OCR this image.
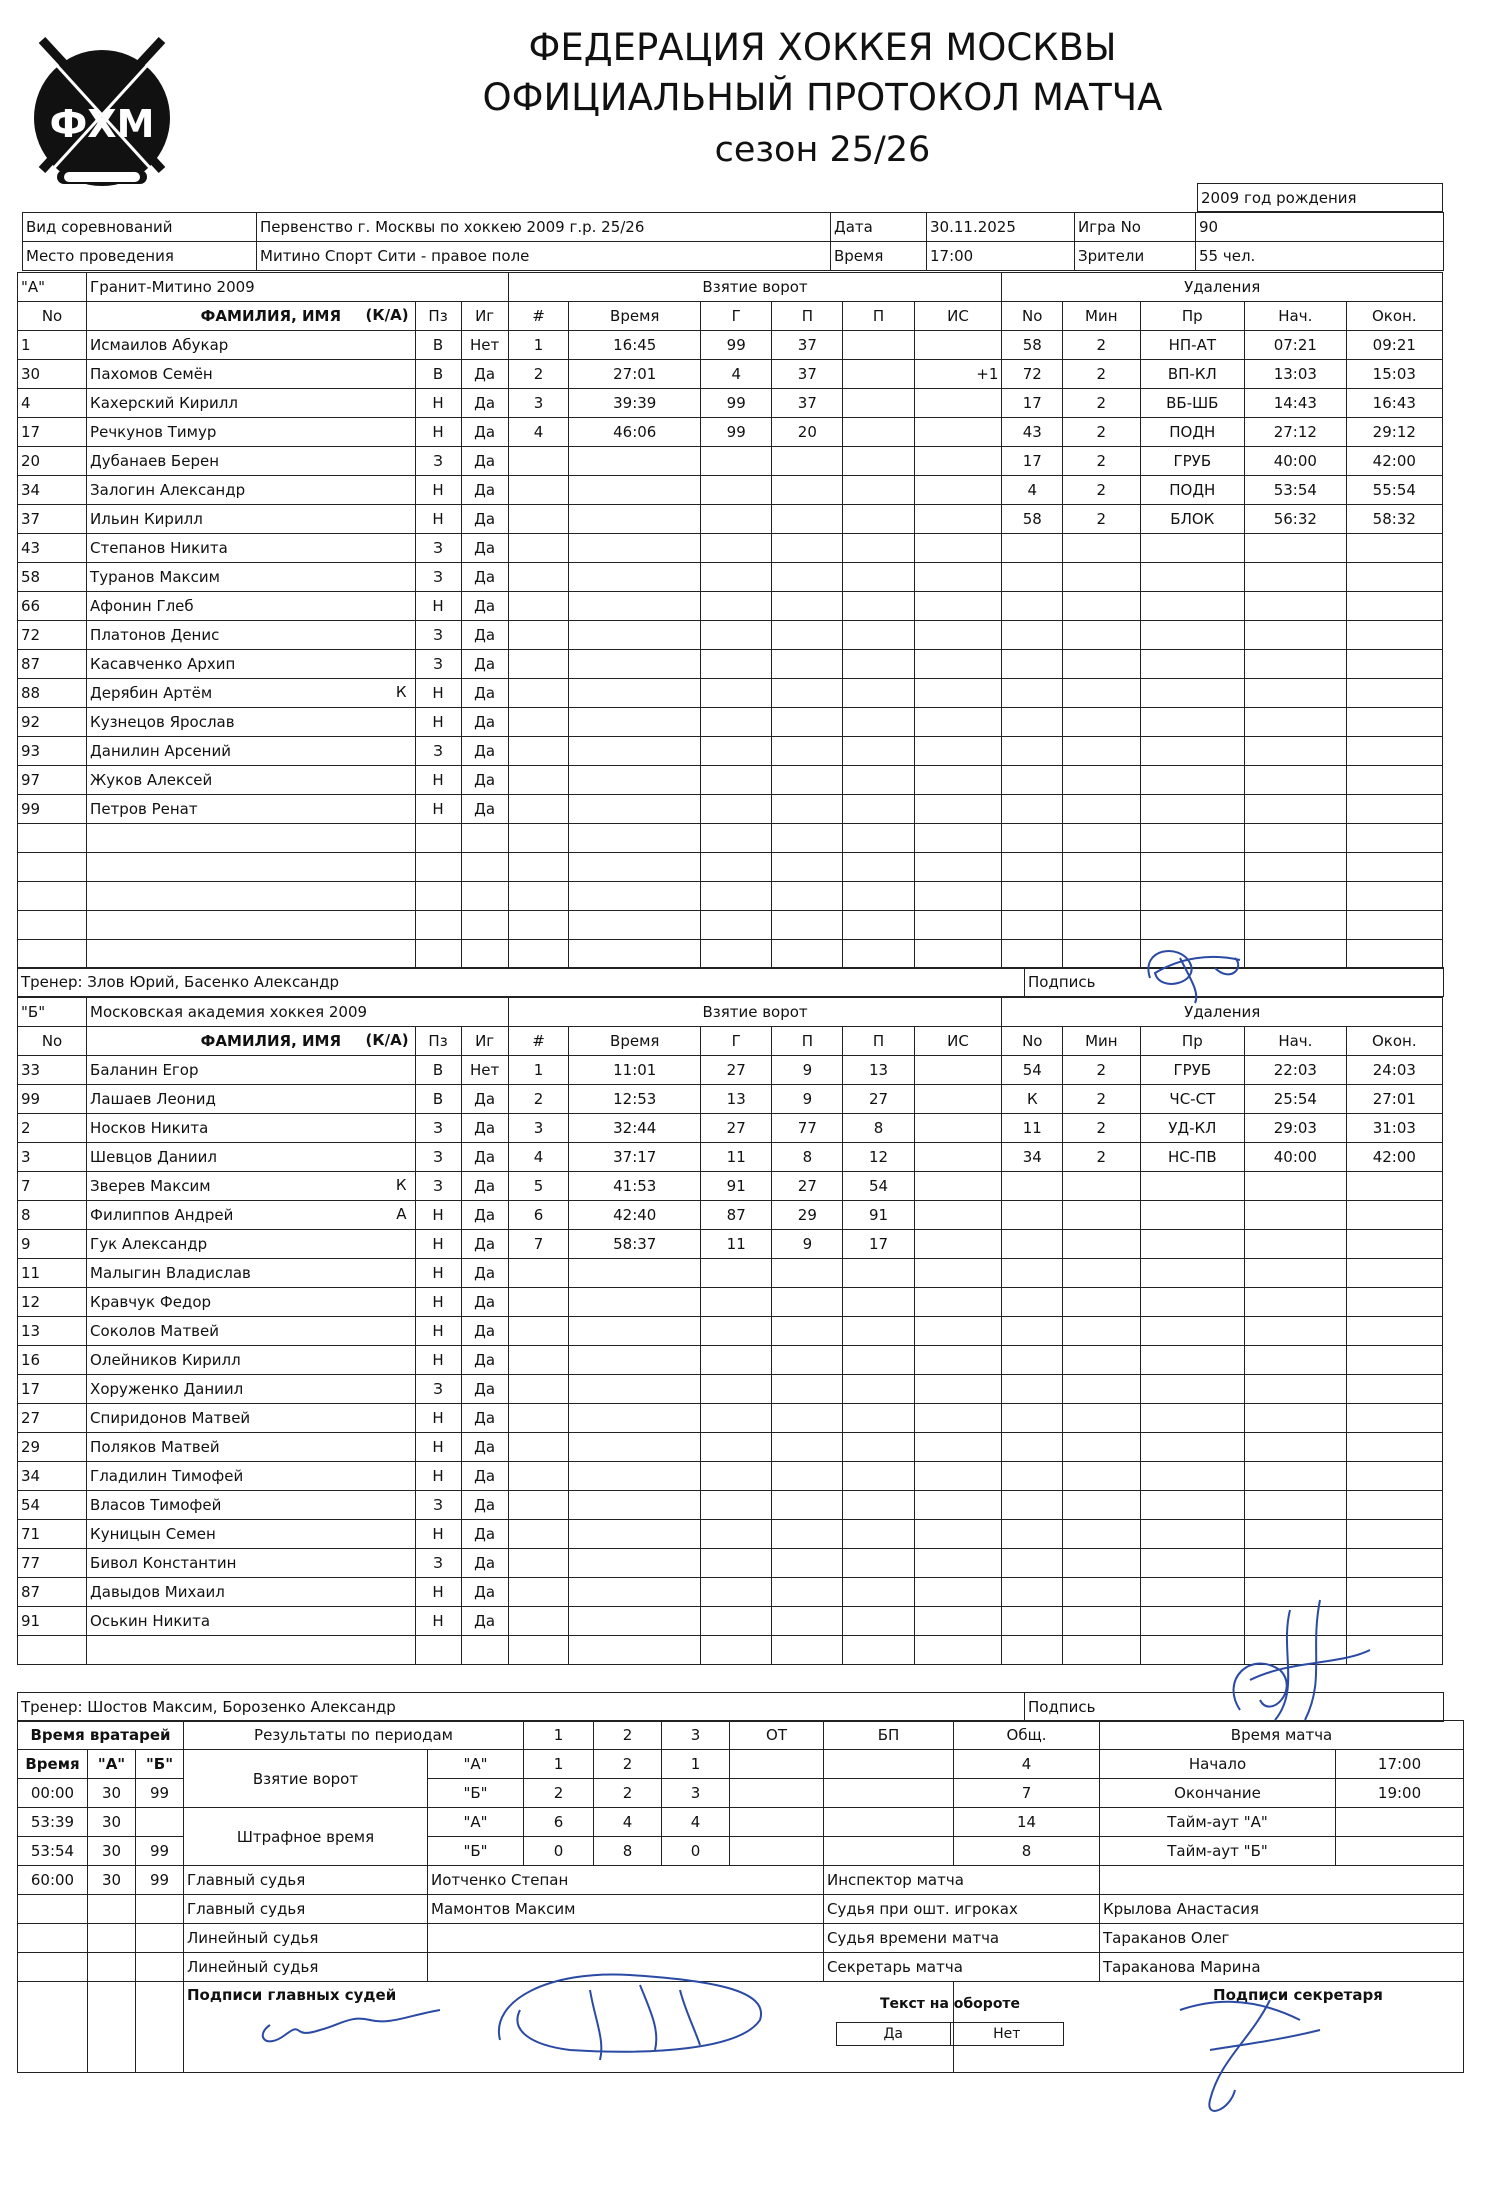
ФХМ
ФЕДЕРАЦИЯ ХОККЕЯ МОСКВЫ
ОФИЦИАЛЬНЫЙ ПРОТОКОЛ МАТЧА
сезон 25/26
2009 год рождения
Вид соревнований	Первенство г. Москвы по хоккею 2009 г.р. 25/26	Дата	30.11.2025	Игра No	90
Место проведения	Митино Спорт Сити - правое поле	Время	17:00	Зрители	55 чел.
"А"	Гранит-Митино 2009			Взятие ворот						Удаления				

No	ФАМИЛИЯ, ИМЯ (К/А)	Пз	Иг	#	Время	Г	П	П	ИС	No	Мин	Пр	Нач.	Окон.
1	Исмаилов Абукар	В	Нет	1	16:45	99	37			58	2	НП-АТ	07:21	09:21
30	Пахомов Семён	В	Да	2	27:01	4	37		+1	72	2	ВП-КЛ	13:03	15:03
4	Кахерский Кирилл	Н	Да	3	39:39	99	37			17	2	ВБ-ШБ	14:43	16:43
17	Речкунов Тимур	Н	Да	4	46:06	99	20			43	2	ПОДН	27:12	29:12
20	Дубанаев Берен	З	Да							17	2	ГРУБ	40:00	42:00
34	Залогин Александр	Н	Да							4	2	ПОДН	53:54	55:54
37	Ильин Кирилл	Н	Да							58	2	БЛОК	56:32	58:32
43	Степанов Никита	З	Да											
58	Туранов Максим	З	Да											
66	Афонин Глеб	Н	Да											
72	Платонов Денис	З	Да											
87	Касавченко Архип	З	Да											
88	Дерябин Артём К	Н	Да											
92	Кузнецов Ярослав	Н	Да											
93	Данилин Арсений	З	Да											
97	Жуков Алексей	Н	Да											
99	Петров Ренат	Н	Да											

Тренер: Злов Юрий, Басенко Александр	Подпись
"Б"	Московская академия хоккея 2009			Взятие ворот						Удаления				
No	ФАМИЛИЯ, ИМЯ (К/А)	Пз	Иг	#	Время	Г	П	П	ИС	No	Мин	Пр	Нач.	Окон.
33	Баланин Егор	В	Нет	1	11:01	27	9	13		54	2	ГРУБ	22:03	24:03
99	Лашаев Леонид	В	Да	2	12:53	13	9	27		К	2	ЧС-СТ	25:54	27:01
2	Носков Никита	З	Да	3	32:44	27	77	8		11	2	УД-КЛ	29:03	31:03
3	Шевцов Даниил	З	Да	4	37:17	11	8	12		34	2	НС-ПВ	40:00	42:00
7	Зверев Максим К	З	Да	5	41:53	91	27	54						
8	Филиппов Андрей А	Н	Да	6	42:40	87	29	91						
9	Гук Александр	Н	Да	7	58:37	11	9	17						
11	Малыгин Владислав	Н	Да											
12	Кравчук Федор	Н	Да											
13	Соколов Матвей	Н	Да											
16	Олейников Кирилл	Н	Да											
17	Хоруженко Даниил	З	Да											
27	Спиридонов Матвей	Н	Да											
29	Поляков Матвей	Н	Да											
34	Гладилин Тимофей	Н	Да											
54	Власов Тимофей	З	Да											
71	Куницын Семен	Н	Да											
77	Бивол Константин	З	Да											
87	Давыдов Михаил	Н	Да											
91	Оськин Никита	Н	Да											

Тренер: Шостов Максим, Борозенко Александр	Подпись
Время вратарей			Результаты по периодам		1	2	3	ОТ	БП	Общ.	Время матча	
Время	"А"	"Б"	Взятие ворот	"А"	1	2	1			4	Начало	17:00
00:00	30	99		"Б"	2	2	3			7	Окончание	19:00
53:39	30		Штрафное время	"А"	6	4	4			14	Тайм-аут "А"	
53:54	30	99		"Б"	0	8	0			8	Тайм-аут "Б"	
60:00	30	99	Главный судья	Иотченко Степан					Инспектор матча			
			Главный судья	Мамонтов Максим					Судья при ошт. игроках		Крылова Анастасия	
			Линейный судья						Судья времени матча		Тараканов Олег	
			Линейный судья						Секретарь матча		Тараканова Марина	
			Подписи главных судей							Подписи секретаря		
Текст на обороте
Да	Нет
